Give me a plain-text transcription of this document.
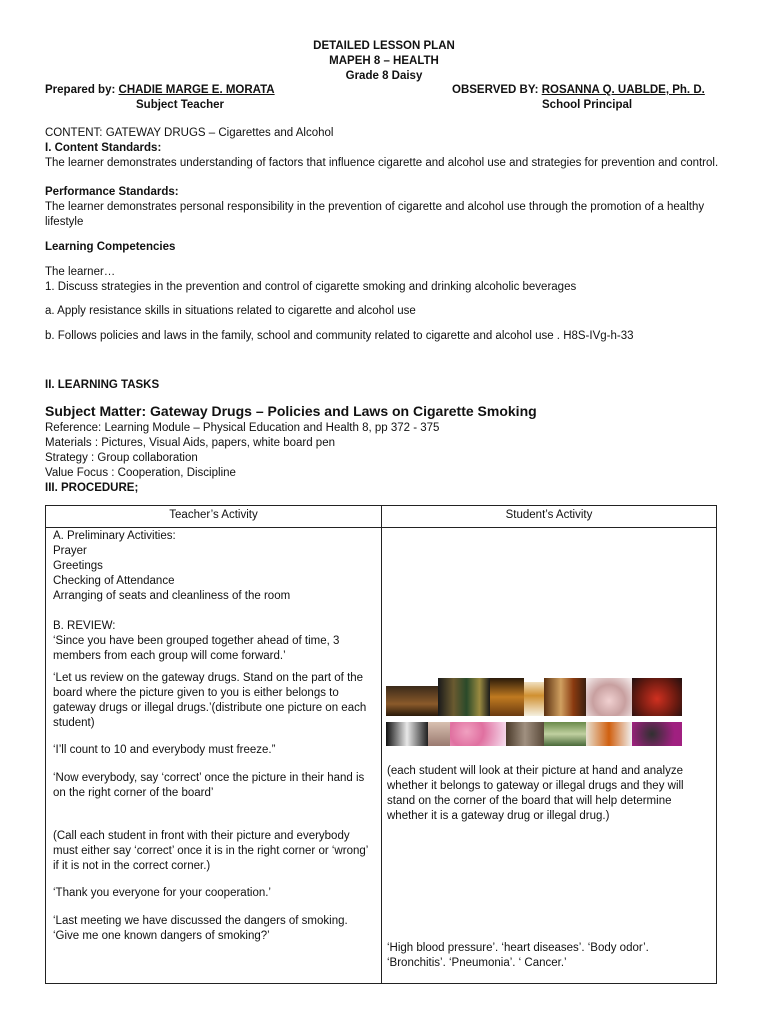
DETAILED LESSON PLAN
MAPEH 8 – HEALTH
Grade 8 Daisy
Prepared by: CHADIE MARGE E. MORATA
Subject Teacher
OBSERVED BY: ROSANNA Q. UABLDE, Ph. D.
School Principal
CONTENT: GATEWAY DRUGS – Cigarettes and Alcohol
I. Content Standards:
The learner demonstrates understanding of factors that influence cigarette and alcohol use and strategies for prevention and control.
Performance Standards:
The learner demonstrates personal responsibility in the prevention of cigarette and alcohol use through the promotion of a healthy lifestyle
Learning Competencies
The learner…
1. Discuss strategies in the prevention and control of cigarette smoking and drinking alcoholic beverages
a. Apply resistance skills in situations related to cigarette and alcohol use
b. Follows policies and laws in the family, school and community related to cigarette and alcohol use . H8S-IVg-h-33
II. LEARNING TASKS
Subject Matter: Gateway Drugs – Policies and Laws on Cigarette Smoking
Reference: Learning Module – Physical Education and Health 8, pp 372 - 375
Materials : Pictures, Visual Aids, papers, white board pen
Strategy : Group collaboration
Value Focus : Cooperation, Discipline
III. PROCEDURE;
Teacher’s Activity	Student’s Activity

A. Preliminary Activities:

Prayer

Greetings

Checking of Attendance

Arranging of seats and cleanliness of the room

B. REVIEW:

‘Since you have been grouped together ahead of time, 3 members from each group will come forward.’

‘Let us review on the gateway drugs. Stand on the part of the board where the picture given to you is either belongs to gateway drugs or illegal drugs.’(distribute one picture on each student)

‘I’ll count to 10 and everybody must freeze.”

‘Now everybody, say ‘correct’ once the picture in their hand is on the right corner of the board’

(Call each student in front with their picture and everybody must either say ‘correct’ once it is in the right corner or ‘wrong’ if it is not in the correct corner.)

‘Thank you everyone for your cooperation.’

‘Last meeting we have discussed the dangers of smoking. ‘Give me one known dangers of smoking?’

(each student will look at their picture at hand and analyze whether it belongs to gateway or illegal drugs and they will stand on the corner of the board that will help determine whether it is a gateway drug or illegal drug.)
‘High blood pressure’. ‘heart diseases’. ‘Body odor’. ‘Bronchitis’. ‘Pneumonia’. ‘ Cancer.’
